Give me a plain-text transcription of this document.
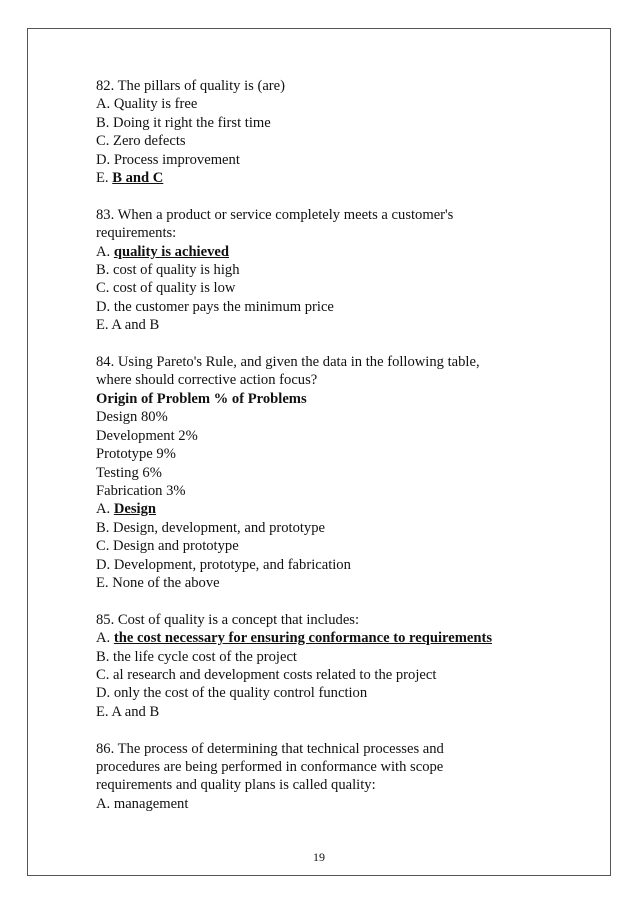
82. The pillars of quality is (are)
A. Quality is free
B. Doing it right the first time
C. Zero defects
D. Process improvement
E. B and C
83. When a product or service completely meets a customer's
requirements:
A. quality is achieved
B. cost of quality is high
C. cost of quality is low
D. the customer pays the minimum price
E. A and B
84. Using Pareto's Rule, and given the data in the following table,
where should corrective action focus?
Origin of Problem % of Problems
Design 80%
Development 2%
Prototype 9%
Testing 6%
Fabrication 3%
A. Design
B. Design, development, and prototype
C. Design and prototype
D. Development, prototype, and fabrication
E. None of the above
85. Cost of quality is a concept that includes:
A. the cost necessary for ensuring conformance to requirements
B. the life cycle cost of the project
C. al research and development costs related to the project
D. only the cost of the quality control function
E. A and B
86. The process of determining that technical processes and
procedures are being performed in conformance with scope
requirements and quality plans is called quality:
A. management
19
